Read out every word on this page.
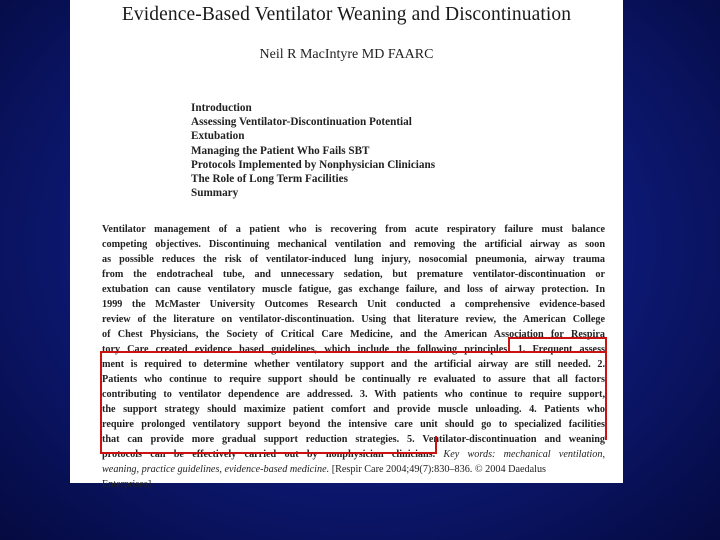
Evidence-Based Ventilator Weaning and Discontinuation
Neil R MacIntyre MD FAARC
Introduction
Assessing Ventilator-Discontinuation Potential
Extubation
Managing the Patient Who Fails SBT
Protocols Implemented by Nonphysician Clinicians
The Role of Long Term Facilities
Summary
Ventilator management of a patient who is recovering from acute respiratory failure must balance
competing objectives. Discontinuing mechanical ventilation and removing the artificial airway as soon
as possible reduces the risk of ventilator-induced lung injury, nosocomial pneumonia, airway trauma
from the endotracheal tube, and unnecessary sedation, but premature ventilator-discontinuation or
extubation can cause ventilatory muscle fatigue, gas exchange failure, and loss of airway protection. In
1999 the McMaster University Outcomes Research Unit conducted a comprehensive evidence-based
review of the literature on ventilator-discontinuation. Using that literature review, the American College
of Chest Physicians, the Society of Critical Care Medicine, and the American Association for Respira
tory Care created evidence based guidelines, which include the following principles: 1. Frequent assess
ment is required to determine whether ventilatory support and the artificial airway are still needed. 2.
Patients who continue to require support should be continually re evaluated to assure that all factors
contributing to ventilator dependence are addressed. 3. With patients who continue to require support,
the support strategy should maximize patient comfort and provide muscle unloading. 4. Patients who
require prolonged ventilatory support beyond the intensive care unit should go to specialized facilities
that can provide more gradual support reduction strategies. 5. Ventilator-discontinuation and weaning
protocols can be effectively carried out by nonphysician clinicians. Key words: mechanical ventilation,
weaning, practice guidelines, evidence-based medicine. [Respir Care 2004;49(7):830–836. © 2004 Daedalus
Enterprises]
